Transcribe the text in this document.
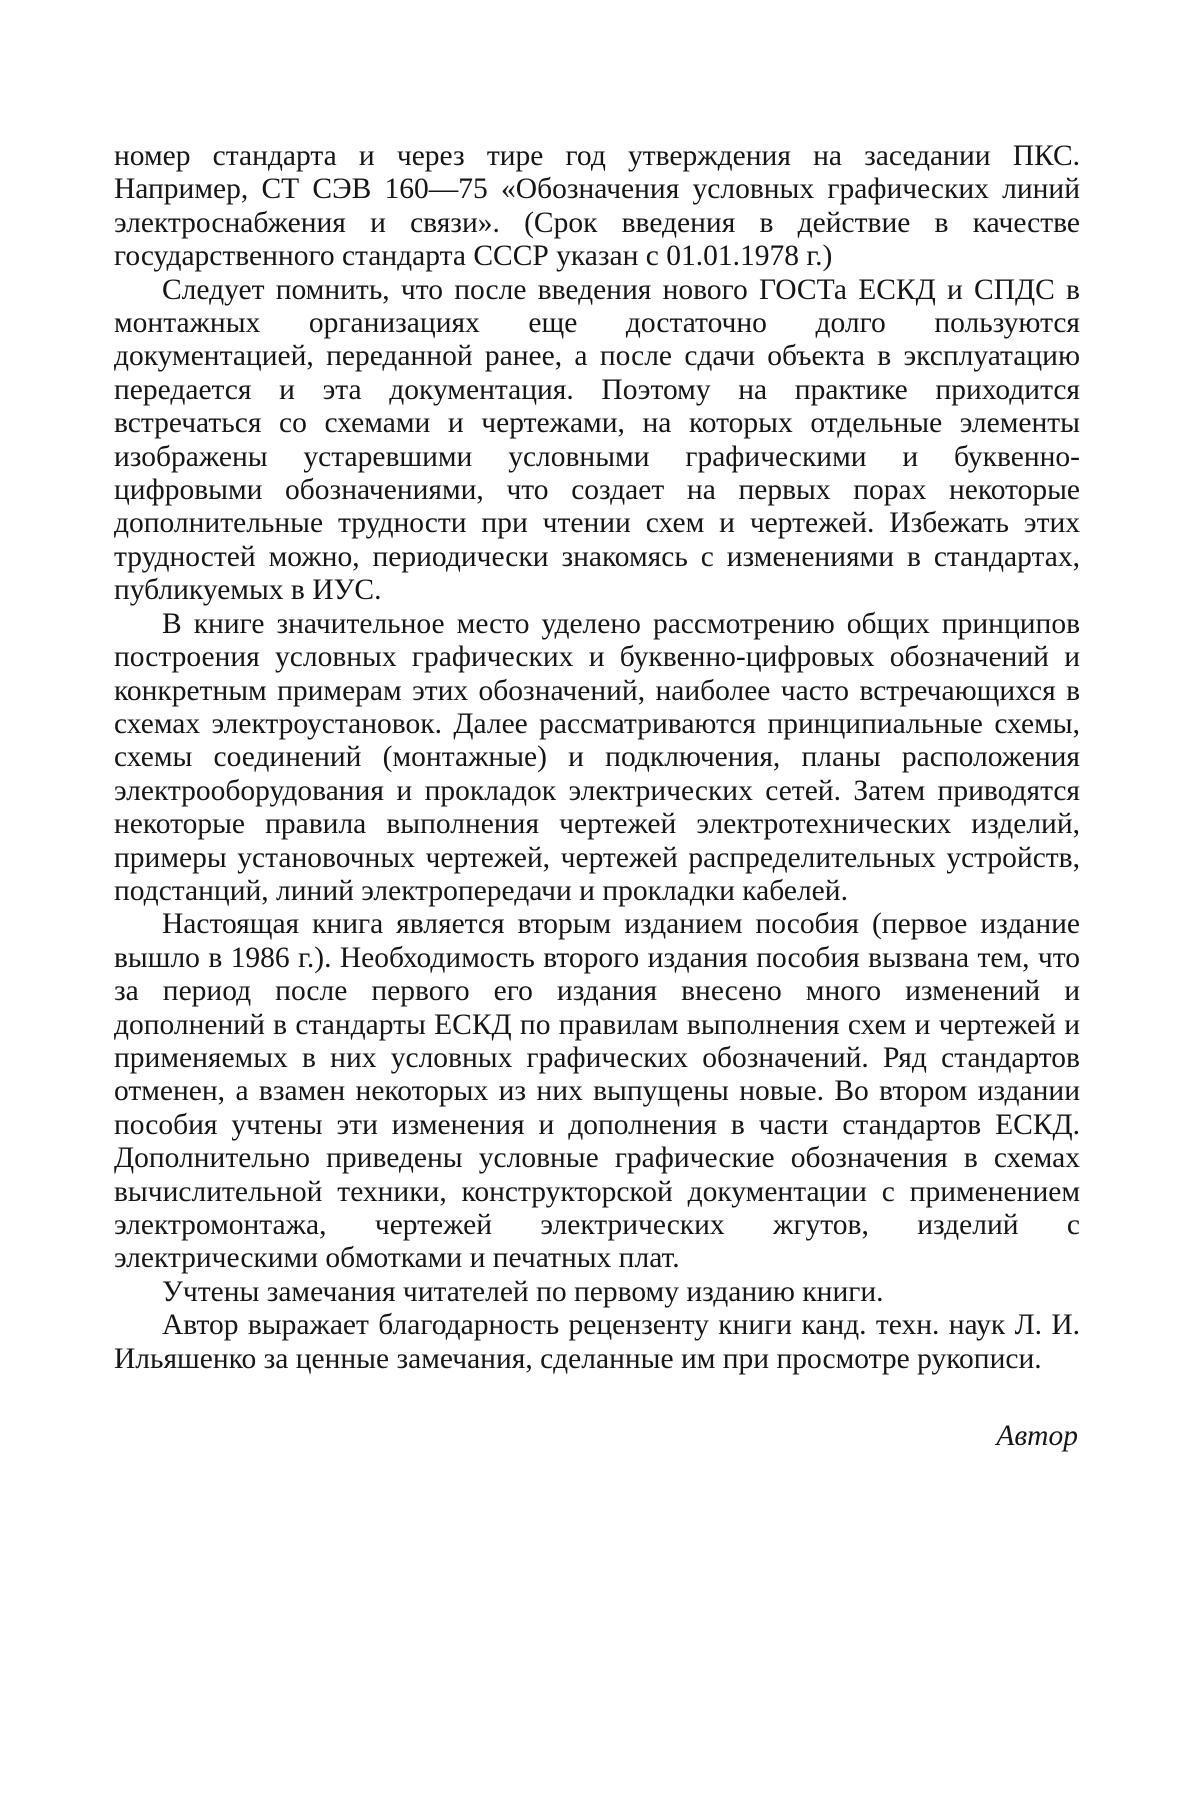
номер стандарта и через тире год утверждения на заседании ПКС. Например, СТ СЭВ 160—75 «Обозначения условных графических линий электроснабжения и связи». (Срок введения в действие в качестве государственного стандарта СССР указан с 01.01.1978 г.)

Следует помнить, что после введения нового ГОСТа ЕСКД и СПДС в монтажных организациях еще достаточно долго пользуются документацией, переданной ранее, а после сдачи объекта в эксплуатацию передается и эта документация. Поэтому на практике приходится встречаться со схемами и чертежами, на которых отдельные элементы изображены устаревшими условными графическими и буквенно-цифровыми обозначениями, что создает на первых порах некоторые дополнительные трудности при чтении схем и чертежей. Избежать этих трудностей можно, периодически знакомясь с изменениями в стандартах, публикуемых в ИУС.

В книге значительное место уделено рассмотрению общих принципов построения условных графических и буквенно-цифровых обозначений и конкретным примерам этих обозначений, наиболее часто встречающихся в схемах электроустановок. Далее рассматриваются принципиальные схемы, схемы соединений (монтажные) и подключения, планы расположения электрооборудования и прокладок электрических сетей. Затем приводятся некоторые правила выполнения чертежей электротехнических изделий, примеры установочных чертежей, чертежей распределительных устройств, подстанций, линий электропередачи и прокладки кабелей.

Настоящая книга является вторым изданием пособия (первое издание вышло в 1986 г.). Необходимость второго издания пособия вызвана тем, что за период после первого его издания внесено много изменений и дополнений в стандарты ЕСКД по правилам выполнения схем и чертежей и применяемых в них условных графических обозначений. Ряд стандартов отменен, а взамен некоторых из них выпущены новые. Во втором издании пособия учтены эти изменения и дополнения в части стандартов ЕСКД. Дополнительно приведены условные графические обозначения в схемах вычислительной техники, конструкторской документации с применением электромонтажа, чертежей электрических жгутов, изделий с электрическими обмотками и печатных плат.

Учтены замечания читателей по первому изданию книги.

Автор выражает благодарность рецензенту книги канд. техн. наук Л. И. Ильяшенко за ценные замечания, сделанные им при просмотре рукописи.

Автор
